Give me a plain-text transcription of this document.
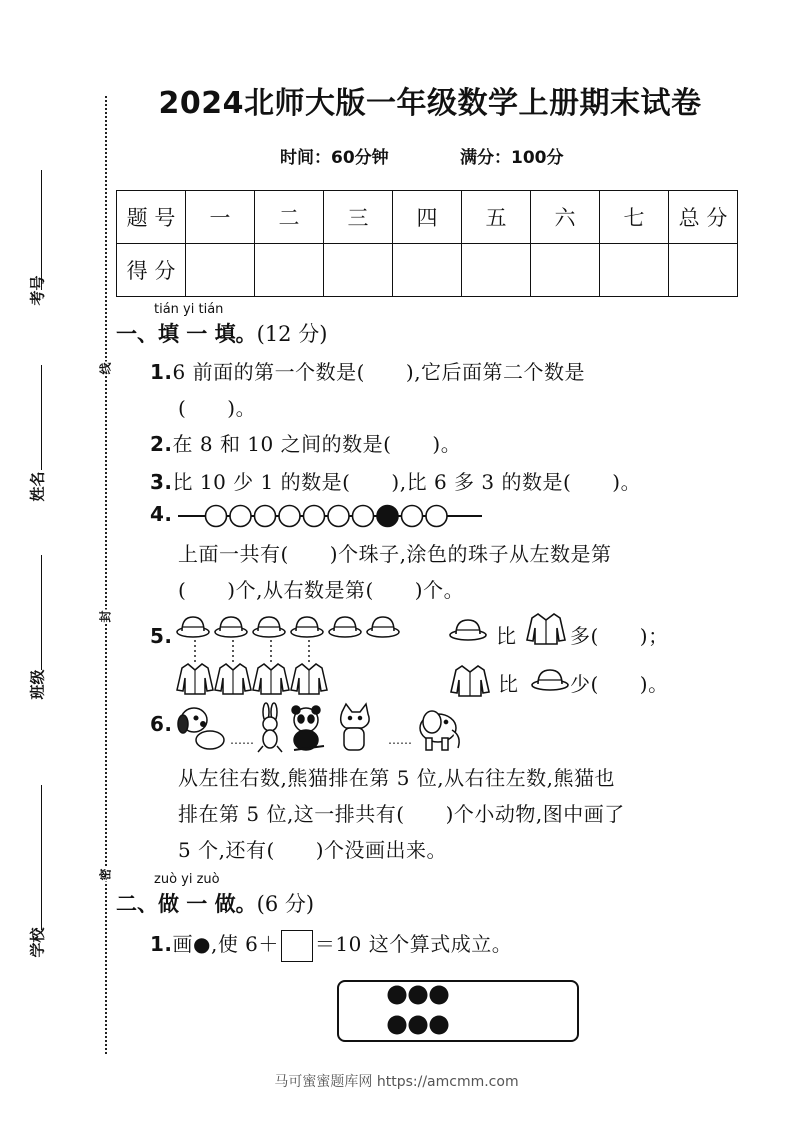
考号
姓名
班级
学校
线
封
密
2024北师大版一年级数学上册期末试卷
时间：60分钟	满分：100分
题 号	一	二	三	四	五	六	七	总 分
得 分								
tián yi tián
一、填 一 填。(12 分)
1.6 前面的第一个数是(　　),它后面第二个数是
(　　)。
2.在 8 和 10 之间的数是(　　)。
3.比 10 少 1 的数是(　　),比 6 多 3 的数是(　　)。
4.
上面一共有(　　)个珠子,涂色的珠子从左数是第
(　　)个,从右数是第(　　)个。
5.	比	多(　　)；
比	少(　　)。
6.
……	……
从左往右数,熊猫排在第 5 位,从右往左数,熊猫也
排在第 5 位,这一排共有(　　)个小动物,图中画了
5 个,还有(　　)个没画出来。
zuò yi zuò
二、做 一 做。(6 分)
1.画●,使 6＋ ＝10 这个算式成立。
马可蜜蜜题库网 https://amcmm.com
